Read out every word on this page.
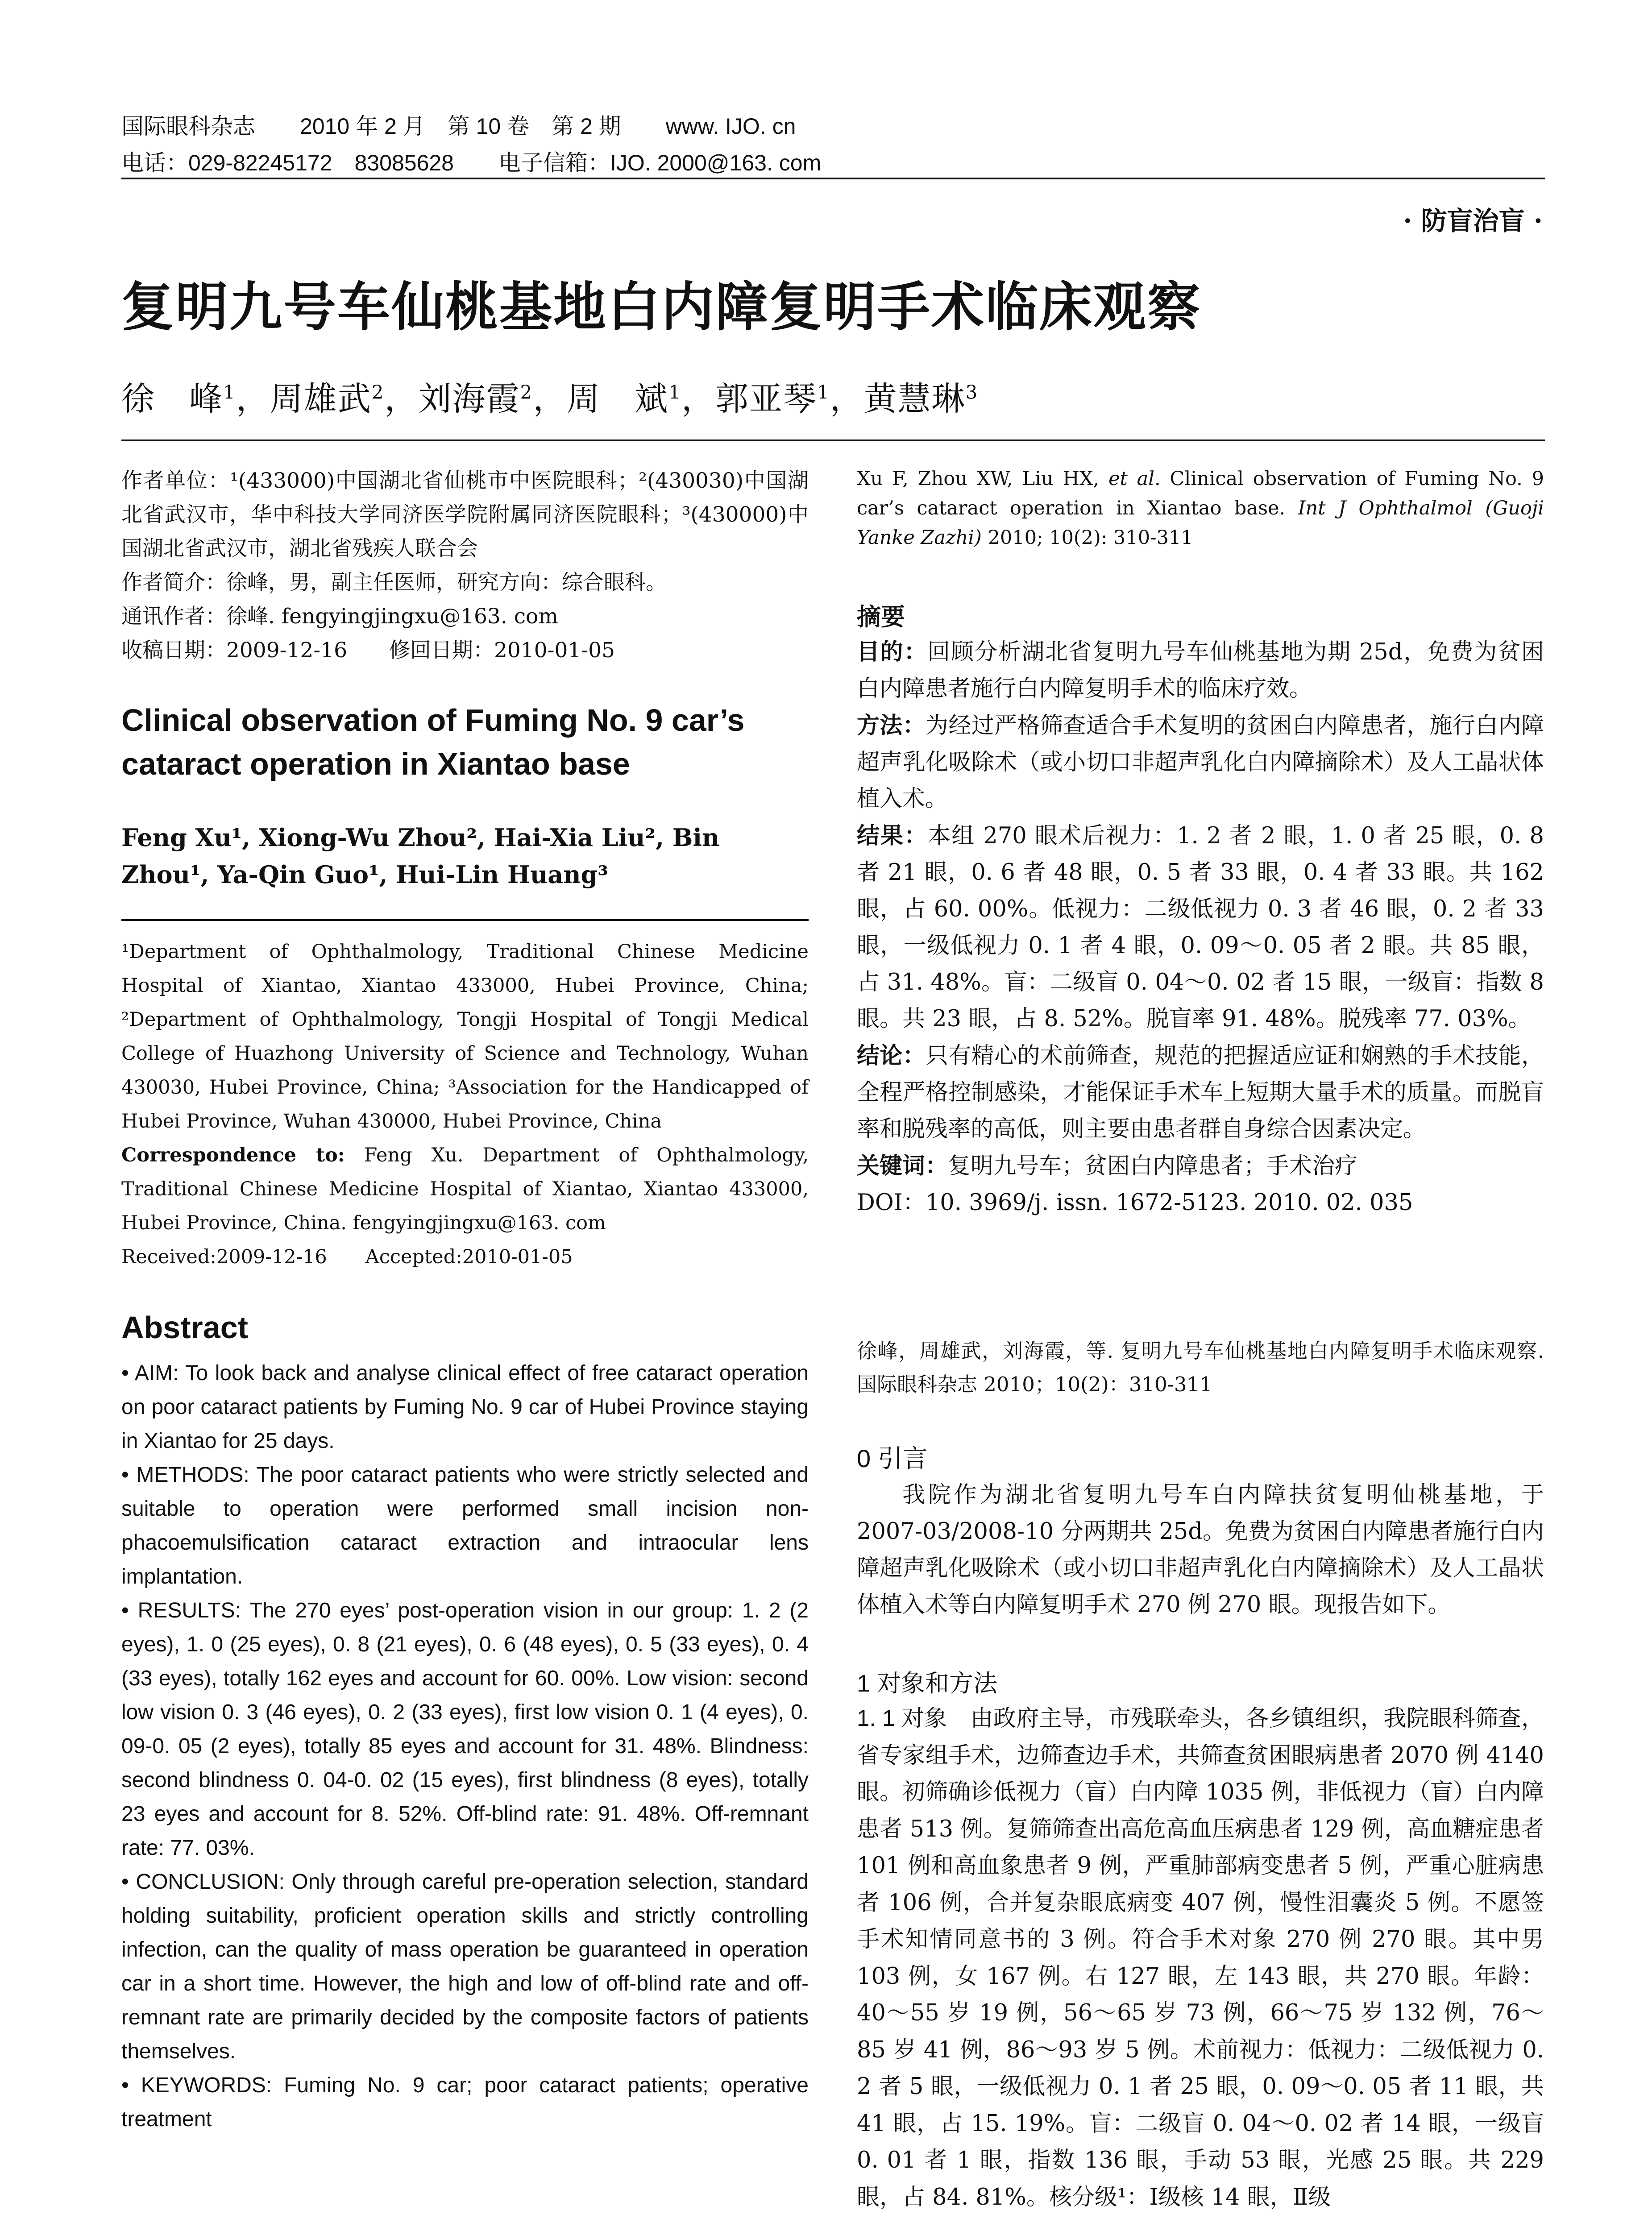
国际眼科杂志　　 2010 年 2 月　第 10 卷　第 2 期　　 www. IJO. cn
电话：029-82245172　83085628　　 电子信箱：IJO. 2000@163. com
· 防盲治盲 ·
复明九号车仙桃基地白内障复明手术临床观察
徐　峰$^1$，周雄武$^2$，刘海霞$^2$，周　斌$^1$，郭亚琴$^1$，黄慧琳$^3$

作者单位：¹(433000)中国湖北省仙桃市中医院眼科；²(430030)中国湖北省武汉市，华中科技大学同济医学院附属同济医院眼科；³(430000)中国湖北省武汉市，湖北省残疾人联合会

作者简介：徐峰，男，副主任医师，研究方向：综合眼科。

通讯作者：徐峰. fengyingjingxu@163. com

收稿日期：2009-12-16　　修回日期：2010-01-05

Clinical observation of Fuming No. 9 car’s cataract operation in Xiantao base
Feng Xu¹, Xiong-Wu Zhou², Hai-Xia Liu², Bin Zhou¹, Ya-Qin Guo¹, Hui-Lin Huang³

¹Department of Ophthalmology, Traditional Chinese Medicine Hospital of Xiantao, Xiantao 433000, Hubei Province, China; ²Department of Ophthalmology, Tongji Hospital of Tongji Medical College of Huazhong University of Science and Technology, Wuhan 430030, Hubei Province, China; ³Association for the Handicapped of Hubei Province, Wuhan 430000, Hubei Province, China

Correspondence to: Feng Xu. Department of Ophthalmology, Traditional Chinese Medicine Hospital of Xiantao, Xiantao 433000, Hubei Province, China. fengyingjingxu@163. com

Received:2009-12-16　　Accepted:2010-01-05

Abstract

• AIM: To look back and analyse clinical effect of free cataract operation on poor cataract patients by Fuming No. 9 car of Hubei Province staying in Xiantao for 25 days.

• METHODS: The poor cataract patients who were strictly selected and suitable to operation were performed small incision non-phacoemulsification cataract extraction and intraocular lens implantation.

• RESULTS: The 270 eyes’ post-operation vision in our group: 1. 2 (2 eyes), 1. 0 (25 eyes), 0. 8 (21 eyes), 0. 6 (48 eyes), 0. 5 (33 eyes), 0. 4 (33 eyes), totally 162 eyes and account for 60. 00%. Low vision: second low vision 0. 3 (46 eyes), 0. 2 (33 eyes), first low vision 0. 1 (4 eyes), 0. 09-0. 05 (2 eyes), totally 85 eyes and account for 31. 48%. Blindness: second blindness 0. 04-0. 02 (15 eyes), first blindness (8 eyes), totally 23 eyes and account for 8. 52%. Off-blind rate: 91. 48%. Off-remnant rate: 77. 03%.

• CONCLUSION: Only through careful pre-operation selection, standard holding suitability, proficient operation skills and strictly controlling infection, can the quality of mass operation be guaranteed in operation car in a short time. However, the high and low of off-blind rate and off-remnant rate are primarily decided by the composite factors of patients themselves.

• KEYWORDS: Fuming No. 9 car; poor cataract patients; operative treatment

Xu F, Zhou XW, Liu HX, et al. Clinical observation of Fuming No. 9 car’s cataract operation in Xiantao base. Int J Ophthalmol (Guoji Yanke Zazhi) 2010; 10(2): 310-311
摘要

目的：回顾分析湖北省复明九号车仙桃基地为期 25d，免费为贫困白内障患者施行白内障复明手术的临床疗效。

方法：为经过严格筛查适合手术复明的贫困白内障患者，施行白内障超声乳化吸除术（或小切口非超声乳化白内障摘除术）及人工晶状体植入术。

结果：本组 270 眼术后视力：1. 2 者 2 眼，1. 0 者 25 眼，0. 8 者 21 眼，0. 6 者 48 眼，0. 5 者 33 眼，0. 4 者 33 眼。共 162 眼，占 60. 00%。低视力：二级低视力 0. 3 者 46 眼，0. 2 者 33 眼，一级低视力 0. 1 者 4 眼，0. 09～0. 05 者 2 眼。共 85 眼，占 31. 48%。盲：二级盲 0. 04～0. 02 者 15 眼，一级盲：指数 8 眼。共 23 眼，占 8. 52%。脱盲率 91. 48%。脱残率 77. 03%。

结论：只有精心的术前筛查，规范的把握适应证和娴熟的手术技能，全程严格控制感染，才能保证手术车上短期大量手术的质量。而脱盲率和脱残率的高低，则主要由患者群自身综合因素决定。

关键词：复明九号车；贫困白内障患者；手术治疗

DOI：10. 3969/j. issn. 1672-5123. 2010. 02. 035

徐峰，周雄武，刘海霞，等. 复明九号车仙桃基地白内障复明手术临床观察. 国际眼科杂志 2010；10(2)：310-311
0 引言
我院作为湖北省复明九号车白内障扶贫复明仙桃基地，于 2007-03/2008-10 分两期共 25d。免费为贫困白内障患者施行白内障超声乳化吸除术（或小切口非超声乳化白内障摘除术）及人工晶状体植入术等白内障复明手术 270 例 270 眼。现报告如下。
1 对象和方法
1. 1 对象　 由政府主导，市残联牵头，各乡镇组织，我院眼科筛查，省专家组手术，边筛查边手术，共筛查贫困眼病患者 2070 例 4140 眼。初筛确诊低视力（盲）白内障 1035 例，非低视力（盲）白内障患者 513 例。复筛筛查出高危高血压病患者 129 例，高血糖症患者 101 例和高血象患者 9 例，严重肺部病变患者 5 例，严重心脏病患者 106 例，合并复杂眼底病变 407 例，慢性泪囊炎 5 例。不愿签手术知情同意书的 3 例。符合手术对象 270 例 270 眼。其中男 103 例，女 167 例。右 127 眼，左 143 眼，共 270 眼。年龄：40～55 岁 19 例，56～65 岁 73 例，66～75 岁 132 例，76～85 岁 41 例，86～93 岁 5 例。术前视力：低视力：二级低视力 0. 2 者 5 眼，一级低视力 0. 1 者 25 眼，0. 09～0. 05 者 11 眼，共 41 眼，占 15. 19%。盲：二级盲 0. 04～0. 02 者 14 眼，一级盲 0. 01 者 1 眼，指数 136 眼，手动 53 眼，光感 25 眼。共 229 眼，占 84. 81%。核分级¹：Ⅰ级核 14 眼，Ⅱ级
